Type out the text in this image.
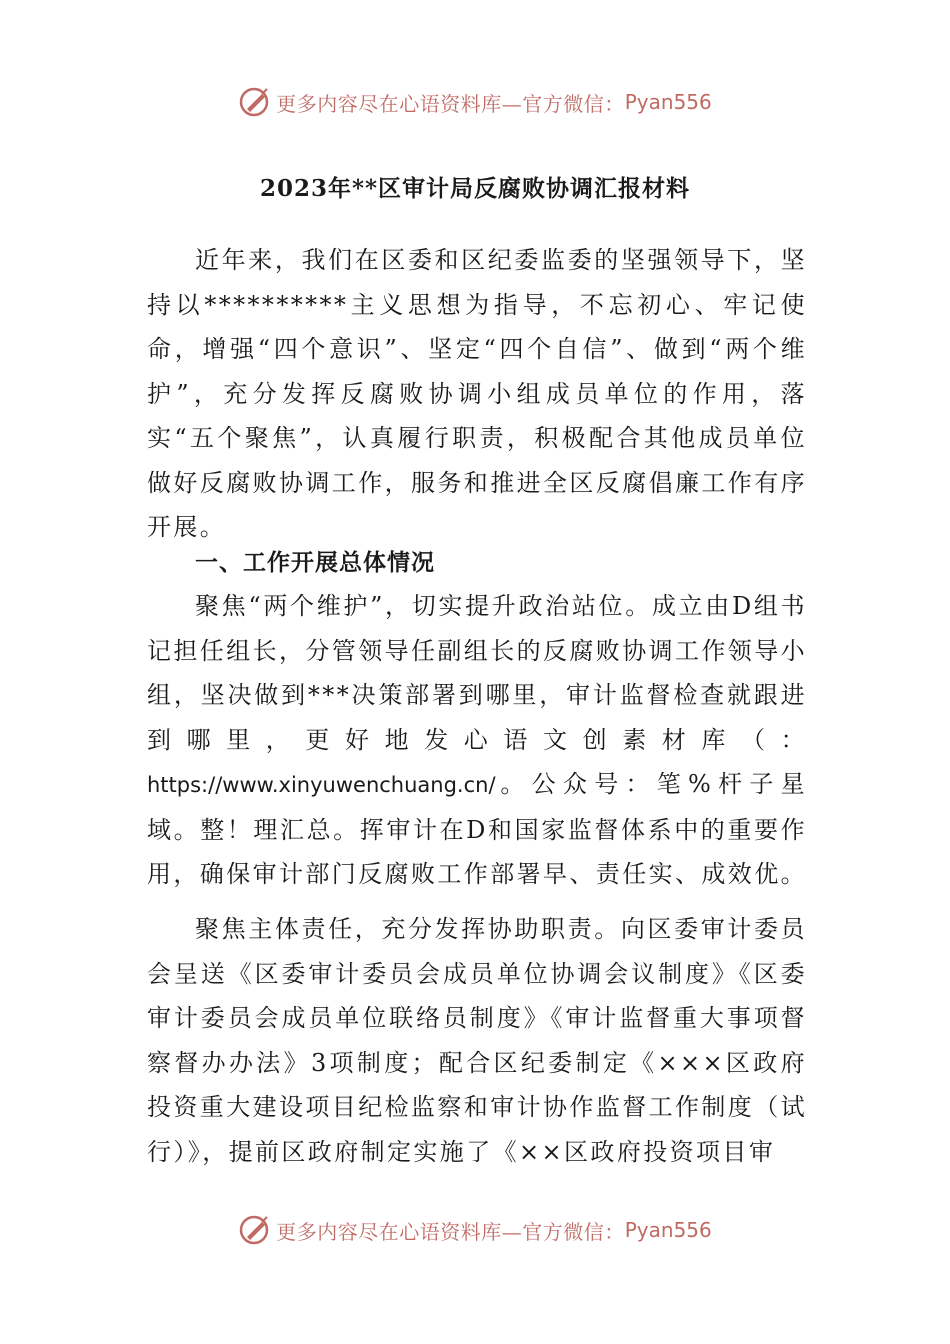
更多内容尽在心语资料库—官方微信： Pyan556
2023年**区审计局反腐败协调汇报材料

近年来，我们在区委和区纪委监委的坚强领导下，坚持以**********主义思想为指导，不忘初心、牢记使命，增强“四个意识”、坚定“四个自信”、做到“两个维护”，充分发挥反腐败协调小组成员单位的作用，落实“五个聚焦”，认真履行职责，积极配合其他成员单位做好反腐败协调工作，服务和推进全区反腐倡廉工作有序开展。

一、工作开展总体情况

聚焦“两个维护”，切实提升政治站位。成立由D组书记担任组长，分管领导任副组长的反腐败协调工作领导小组，坚决做到***决策部署到哪里，审计监督检查就跟进到哪里，更好地发心语文创素材库（：https://www.xinyuwenchuang.cn/。公众号：笔%杆子星域。整！理汇总。挥审计在D和国家监督体系中的重要作用，确保审计部门反腐败工作部署早、责任实、成效优。

聚焦主体责任，充分发挥协助职责。向区委审计委员会呈送《区委审计委员会成员单位协调会议制度》《区委审计委员会成员单位联络员制度》《审计监督重大事项督察督办办法》3项制度；配合区纪委制定《×××区政府投资重大建设项目纪检监察和审计协作监督工作制度（试行）》，提前区政府制定实施了《××区政府投资项目审

更多内容尽在心语资料库—官方微信： Pyan556
